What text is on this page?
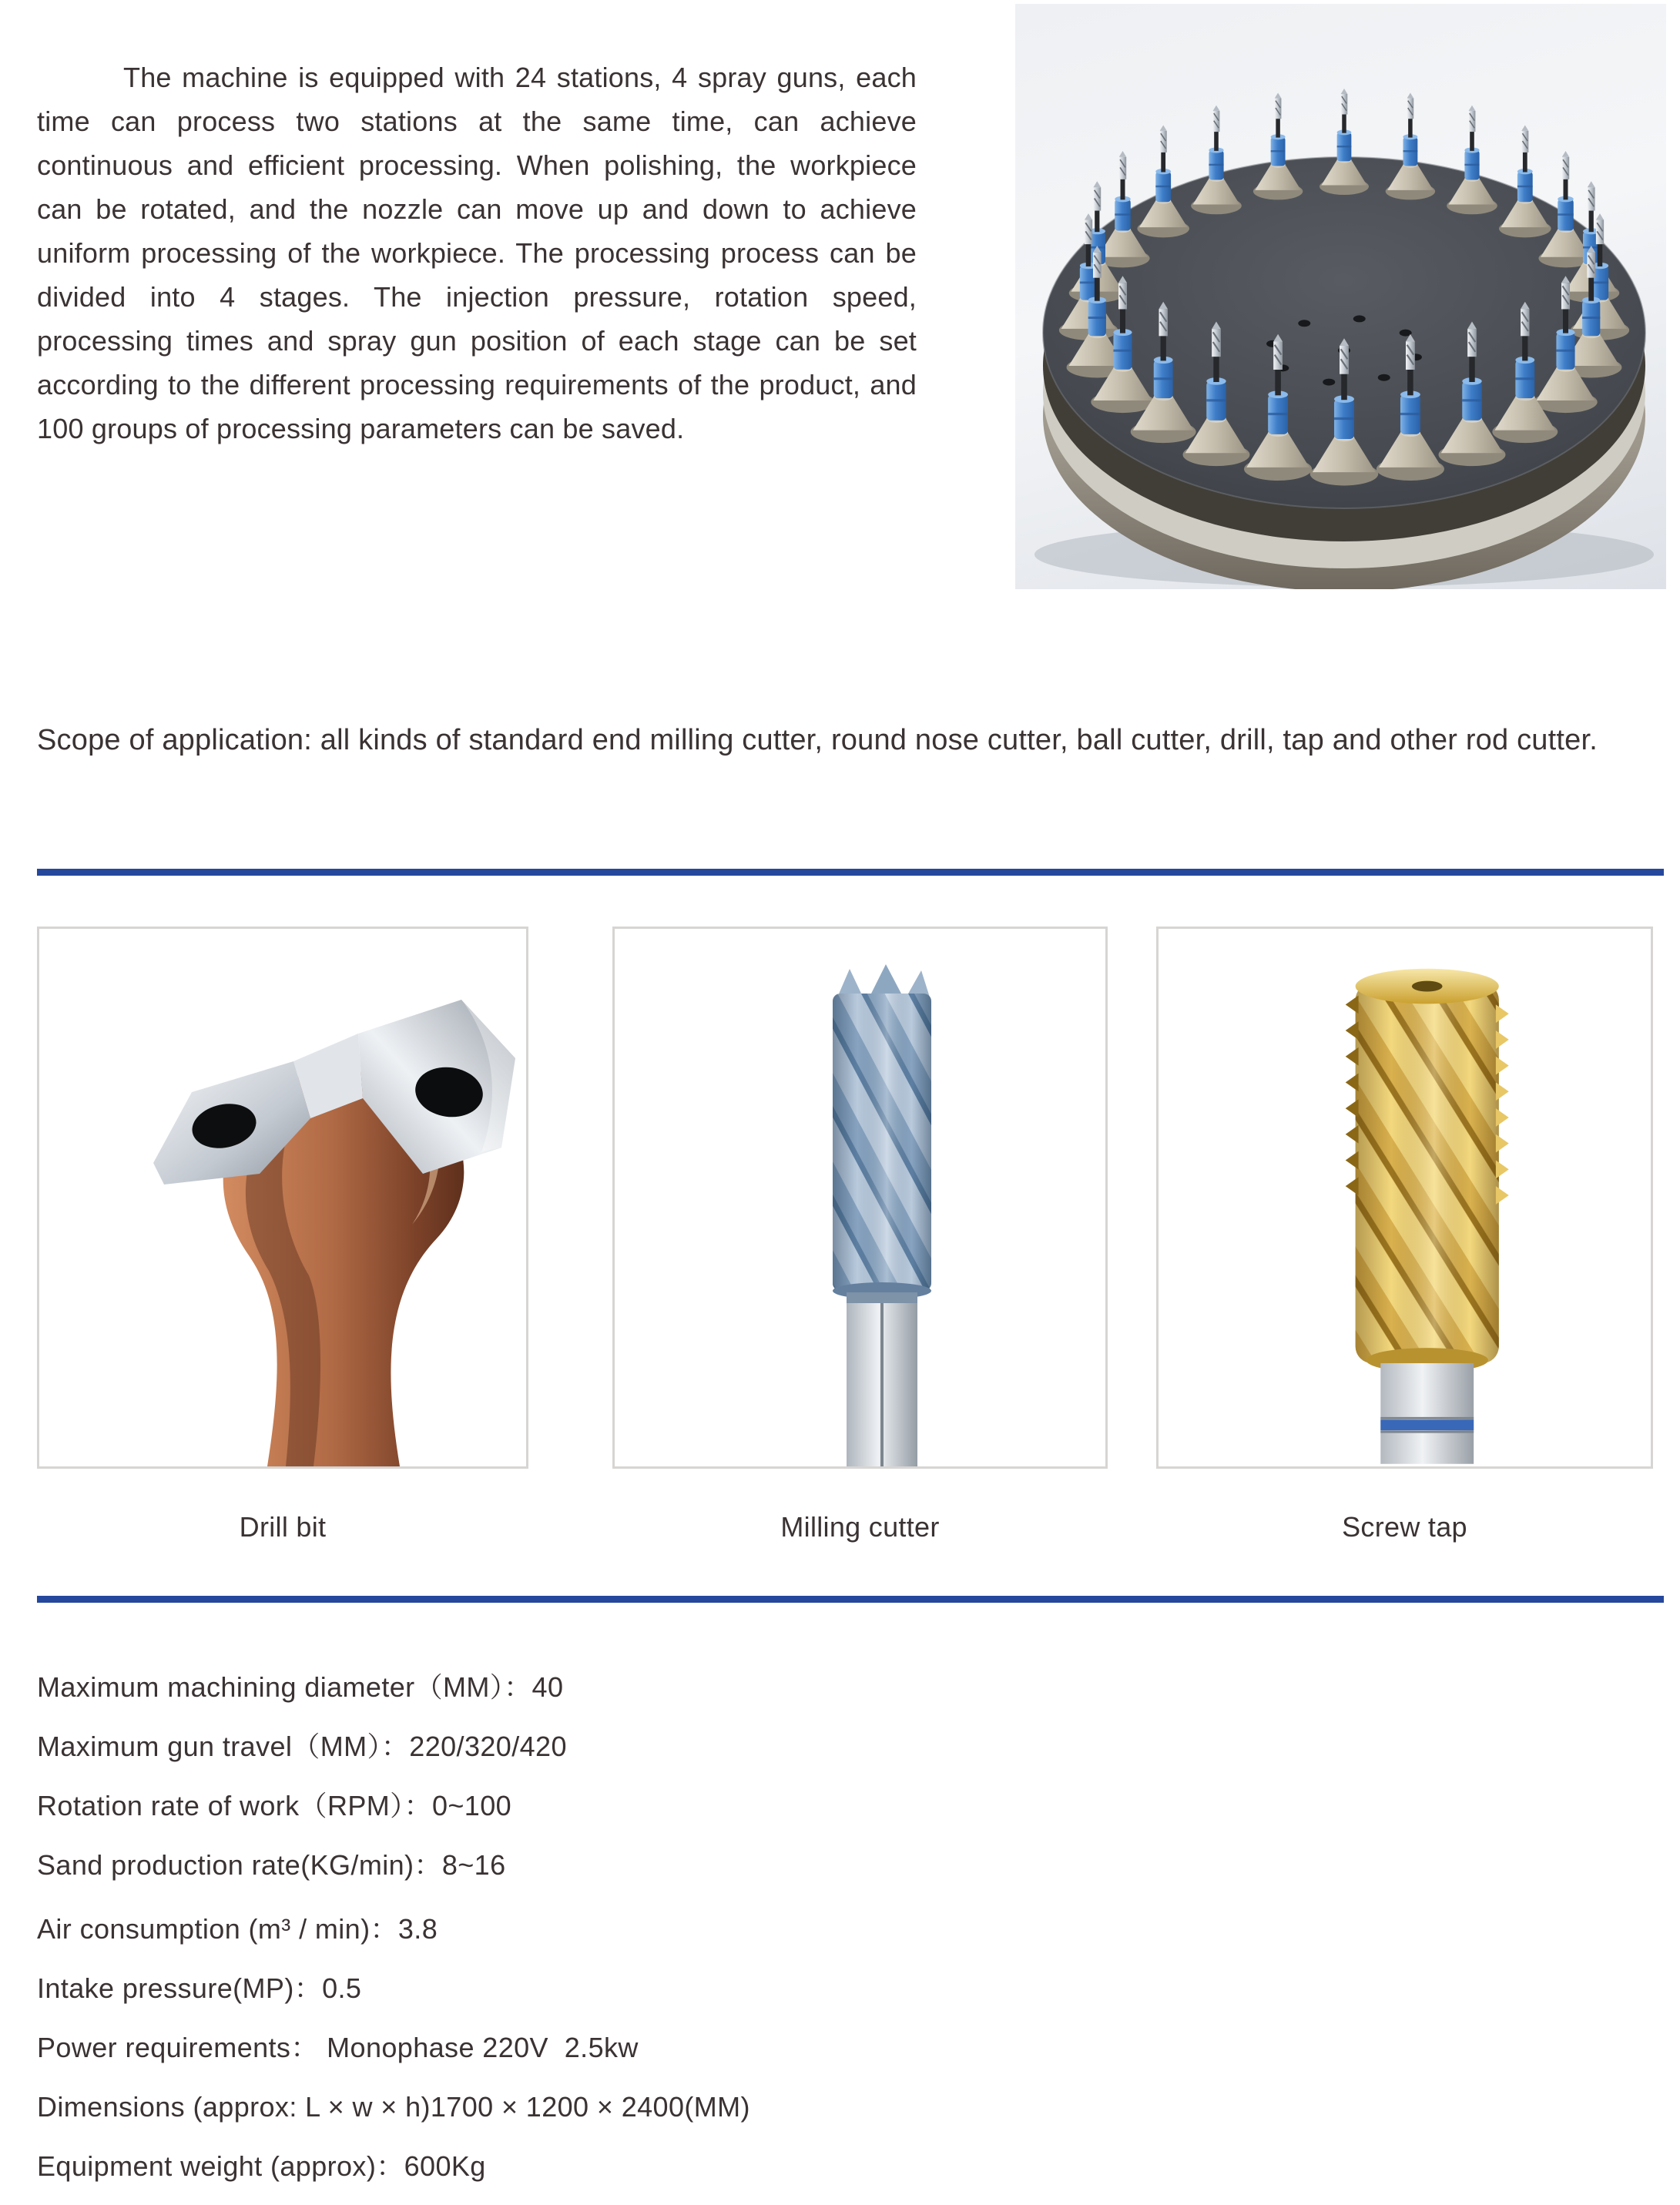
The machine is equipped with 24 stations, 4 spray guns, each time can process two stations at the same time, can achieve continuous and efficient processing. When polishing, the workpiece can be rotated, and the nozzle can move up and down to achieve uniform processing of the workpiece. The processing process can be divided into 4 stages. The injection pressure, rotation speed, processing times and spray gun position of each stage can be set according to the different processing requirements of the product, and 100 groups of processing parameters can be saved.
Scope of application: all kinds of standard end milling cutter, round nose cutter, ball cutter, drill, tap and other rod cutter.
Drill bit	Milling cutter	Screw tap
Maximum machining diameter（MM）：40
Maximum gun travel（MM）：220/320/420
Rotation rate of work（RPM）：0~100
Sand production rate(KG/min)：8~16
Air consumption (m³ / min)：3.8
Intake pressure(MP)：0.5
Power requirements： Monophase 220V  2.5kw
Dimensions (approx: L × w × h)1700 × 1200 × 2400(MM)
Equipment weight (approx)：600Kg
